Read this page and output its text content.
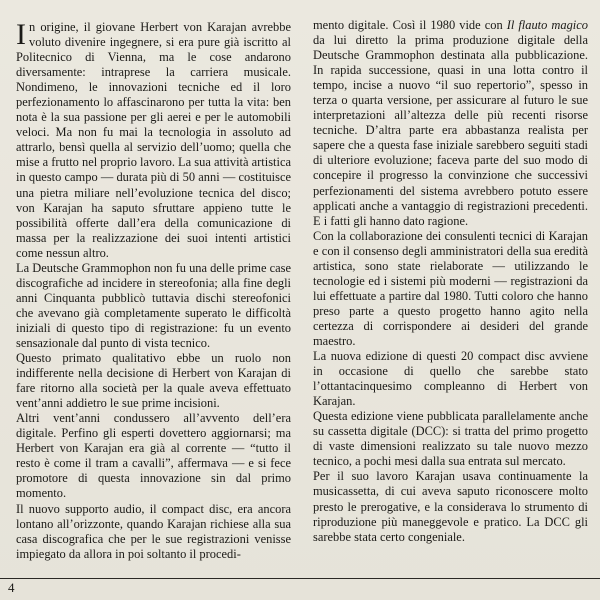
In origine, il giovane Herbert von Karajan avrebbe voluto divenire ingegnere, si era pure già iscritto al Politecnico di Vienna, ma le cose andarono diversamente: intraprese la carriera musicale. Nondimeno, le innovazioni tecniche ed il loro perfezionamento lo affascinarono per tutta la vita: ben nota è la sua passione per gli aerei e per le automobili veloci. Ma non fu mai la tecnologia in assoluto ad attrarlo, bensì quella al servizio dell’uomo; quella che mise a frutto nel proprio lavoro. La sua attività artistica in questo campo — durata più di 50 anni — costituisce una pietra miliare nell’evoluzione tecnica del disco; von Karajan ha saputo sfruttare appieno tutte le possibilità offerte dall’era della comunicazione di massa per la realizzazione dei suoi intenti artistici come nessun altro.

La Deutsche Grammophon non fu una delle prime case discografiche ad incidere in stereofonia; alla fine degli anni Cinquanta pubblicò tuttavia dischi stereofonici che avevano già completamente superato le difficoltà iniziali di questo tipo di registrazione: fu un evento sensazionale dal punto di vista tecnico.

Questo primato qualitativo ebbe un ruolo non indifferente nella decisione di Herbert von Karajan di fare ritorno alla società per la quale aveva effettuato vent’anni addietro le sue prime incisioni.

Altri vent’anni condussero all’avvento dell’era digitale. Perfino gli esperti dovettero aggiornarsi; ma Herbert von Karajan era già al corrente — “tutto il resto è come il tram a cavalli”, affermava — e si fece promotore di questa innovazione sin dal primo momento.

Il nuovo supporto audio, il compact disc, era ancora lontano all’orizzonte, quando Karajan richiese alla sua casa discografica che per le sue registrazioni venisse impiegato da allora in poi soltanto il procedi-

mento digitale. Così il 1980 vide con Il flauto magico da lui diretto la prima produzione digitale della Deutsche Grammophon destinata alla pubblicazione. In rapida successione, quasi in una lotta contro il tempo, incise a nuovo “il suo repertorio”, spesso in terza o quarta versione, per assicurare al futuro le sue interpretazioni all’altezza delle più recenti risorse tecniche. D’altra parte era abbastanza realista per sapere che a questa fase iniziale sarebbero seguiti stadi di ulteriore evoluzione; faceva parte del suo modo di concepire il progresso la convinzione che successivi perfezionamenti del sistema avrebbero potuto essere applicati anche a vantaggio di registrazioni precedenti. E i fatti gli hanno dato ragione.

Con la collaborazione dei consulenti tecnici di Karajan e con il consenso degli amministratori della sua eredità artistica, sono state rielaborate — utilizzando le tecnologie ed i sistemi più moderni — registrazioni da lui effettuate a partire dal 1980. Tutti coloro che hanno preso parte a questo progetto hanno agito nella certezza di corrispondere ai desideri del grande maestro.

La nuova edizione di questi 20 compact disc avviene in occasione di quello che sarebbe stato l’ottantacinquesimo compleanno di Herbert von Karajan.

Questa edizione viene pubblicata parallelamente anche su cassetta digitale (DCC): si tratta del primo progetto di vaste dimensioni realizzato su tale nuovo mezzo tecnico, a pochi mesi dalla sua entrata sul mercato.

Per il suo lavoro Karajan usava continuamente la musicassetta, di cui aveva saputo riconoscere molto presto le prerogative, e la considerava lo strumento di riproduzione più maneggevole e pratico. La DCC gli sarebbe stata certo congeniale.

4
